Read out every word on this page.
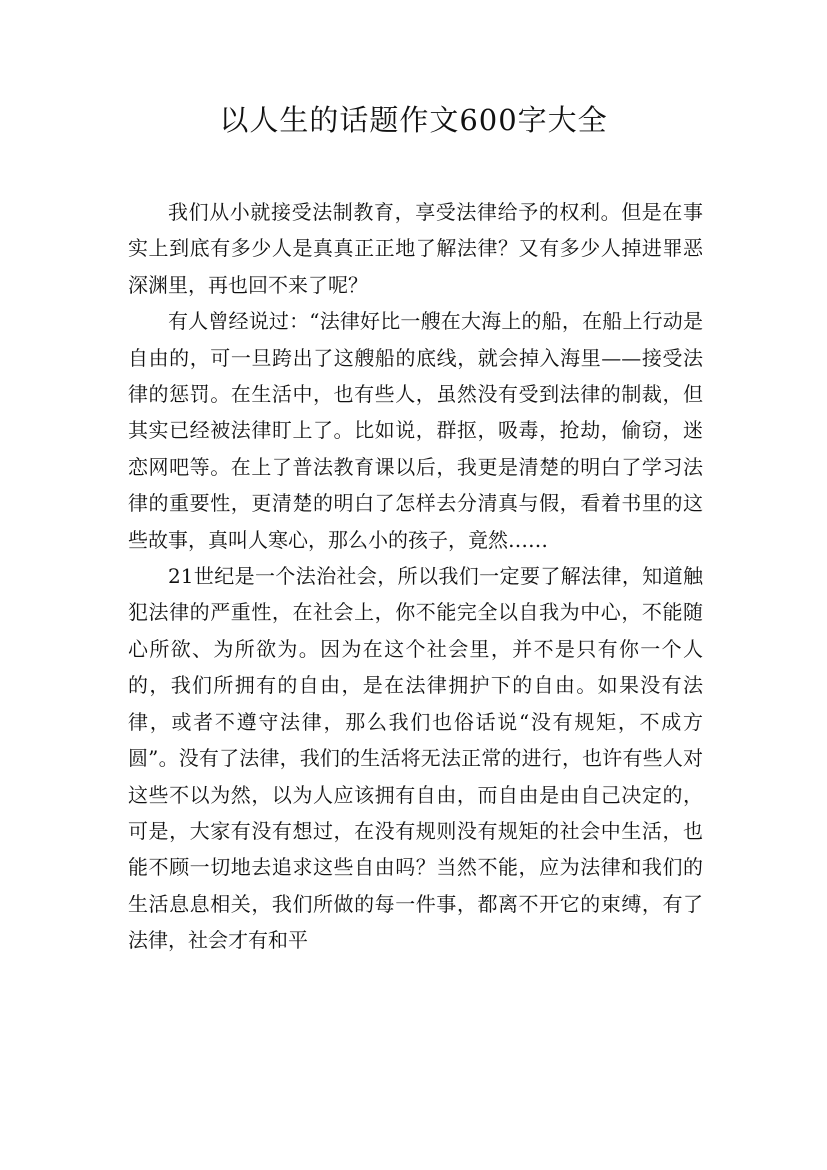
以人生的话题作文600字大全

我们从小就接受法制教育，享受法律给予的权利。但是在事实上到底有多少人是真真正正地了解法律？又有多少人掉进罪恶深渊里，再也回不来了呢？

有人曾经说过：“法律好比一艘在大海上的船，在船上行动是自由的，可一旦跨出了这艘船的底线，就会掉入海里——接受法律的惩罚。在生活中，也有些人，虽然没有受到法律的制裁，但其实已经被法律盯上了。比如说，群抠，吸毒，抢劫，偷窃，迷恋网吧等。在上了普法教育课以后，我更是清楚的明白了学习法律的重要性，更清楚的明白了怎样去分清真与假，看着书里的这些故事，真叫人寒心，那么小的孩子，竟然……

21世纪是一个法治社会，所以我们一定要了解法律，知道触犯法律的严重性，在社会上，你不能完全以自我为中心，不能随心所欲、为所欲为。因为在这个社会里，并不是只有你一个人的，我们所拥有的自由，是在法律拥护下的自由。如果没有法律，或者不遵守法律，那么我们也俗话说“没有规矩，不成方圆”。没有了法律，我们的生活将无法正常的进行，也许有些人对这些不以为然，以为人应该拥有自由，而自由是由自己决定的，可是，大家有没有想过，在没有规则没有规矩的社会中生活，也能不顾一切地去追求这些自由吗？当然不能，应为法律和我们的生活息息相关，我们所做的每一件事，都离不开它的束缚，有了法律，社会才有和平
